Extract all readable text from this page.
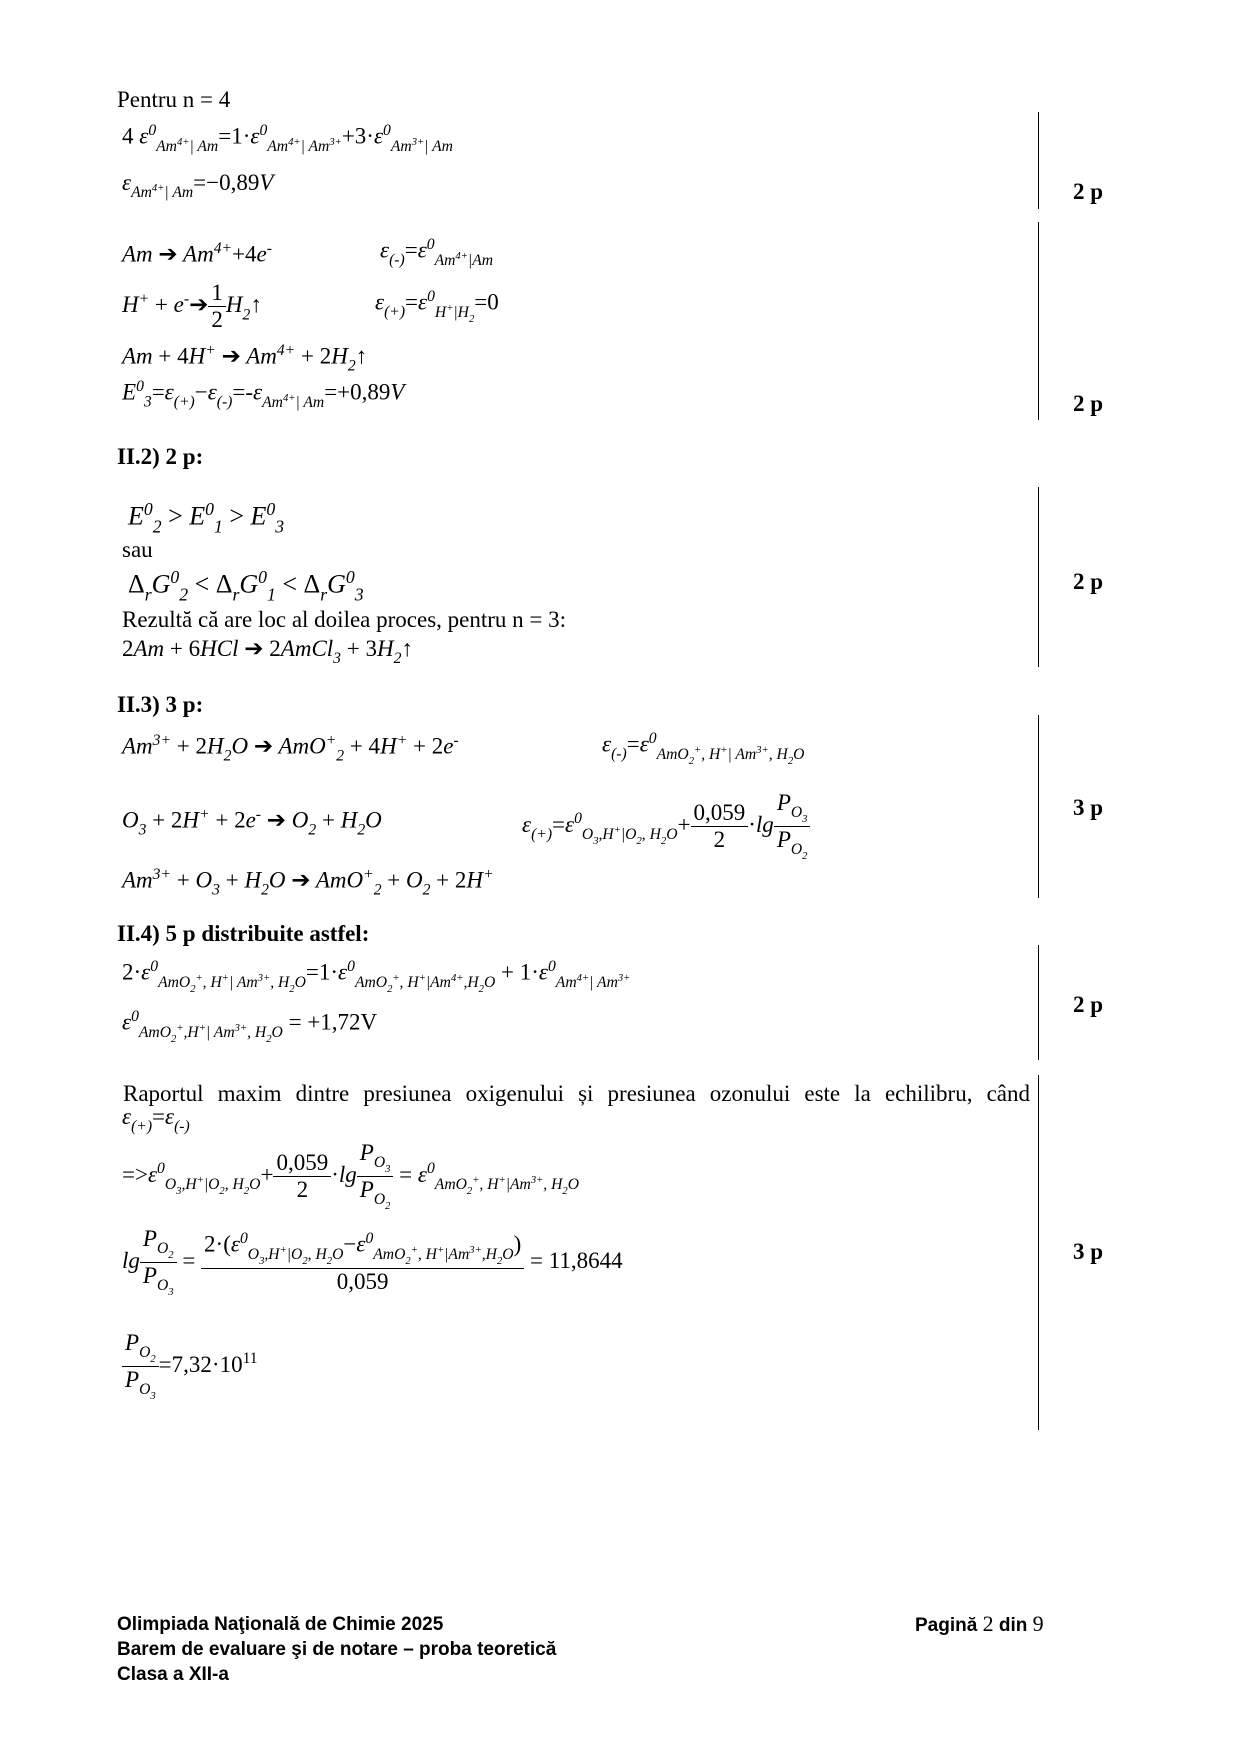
Pentru n = 4
4 $\varepsilon^0_{Am^{4+}| Am}=1\cdot\varepsilon^0_{Am^{4+}| Am^{3+}}+3\cdot\varepsilon^0_{Am^{3+}| Am}$
$\varepsilon_{Am^{4+}| Am}=-0,89V$	2 p
Am ➔ $Am^{4+}+4e^-$	$\varepsilon_{(-)}=\varepsilon^0_{Am^{4+}|Am}$
H+ + e-➔ $\frac{1}{2}$ $H_2↑$	$\varepsilon_{(+)}=\varepsilon^0_{H^+|H_2}=0$
Am + 4H+ ➔ $Am^{4+}$ + $2H_2↑$
$E^0_3=\varepsilon_{(+)}-\varepsilon_{(-)}=-\varepsilon_{Am^{4+}| Am}=+0,89V$	2 p
II.2) 2 p:
$E^0_2 > E^0_1 > E^0_3$
sau
$\Delta_rG^0_2 < \Delta_rG^0_1 < \Delta_rG^0_3$
Rezultă că are loc al doilea proces, pentru n = 3:
2Am + 6HCl ➔ 2AmCl$_3$ + $3H_2↑$
2 p
II.3) 3 p:
$Am^{3+} + 2H_2O$ ➔ AmO+$_2$ + 4H+ + 2e-	$\varepsilon_{(-)}=\varepsilon^0_{AmO_2^+, H^+| Am^{3+}, H_2O}$
$O_3 + 2H^+ + 2e^-$ ➔ $O_2 + H_2O$	$\varepsilon_{(+)}=\varepsilon^0_{O_3,H^+|O_2, H_2O}+ \frac{0,059}{2} \cdot\lg \frac{P_{O_3}}{P_{O_2}}$
$Am^{3+} + O_3 + H_2O$ ➔ $AmO^+_2 + O_2 + 2H^+$
3 p
II.4) 5 p distribuite astfel:
$2\cdot\varepsilon^0_{AmO_2^+, H^+| Am^{3+}, H_2O}=1\cdot\varepsilon^0_{AmO_2^+, H^+|Am^{4+},H_2O} + 1\cdot\varepsilon^0_{Am^{4+}| Am^{3+}}$
$\varepsilon^0_{AmO_2^+,H^+| Am^{3+}, H_2O} = +1,72V$
2 p
Raportul maxim dintre presiunea oxigenului și presiunea ozonului este la echilibru, când
$\varepsilon_{(+)}=\varepsilon_{(-)}$
$=>\varepsilon^0_{O_3,H^+|O_2, H_2O}+ \frac{0,059}{2} \cdot\lg \frac{P_{O_3}}{P_{O_2}} = \varepsilon^0_{AmO_2^+, H^+|Am^{3+}, H_2O}$
$\lg \frac{P_{O_2}}{P_{O_3}} = \frac{2\cdot(\varepsilon^0_{O_3,H^+|O_2, H_2O}-\varepsilon^0_{AmO_2^+, H^+|Am^{3+},H_2O})}{0,059} = 11,8644$
$\frac{P_{O_2}}{P_{O_3}} =7,32\cdot 10^{11}$
3 p
Olimpiada Naţională de Chimie 2025
Barem de evaluare şi de notare – proba teoretică
Clasa a XII-a
Pagină 2 din 9
